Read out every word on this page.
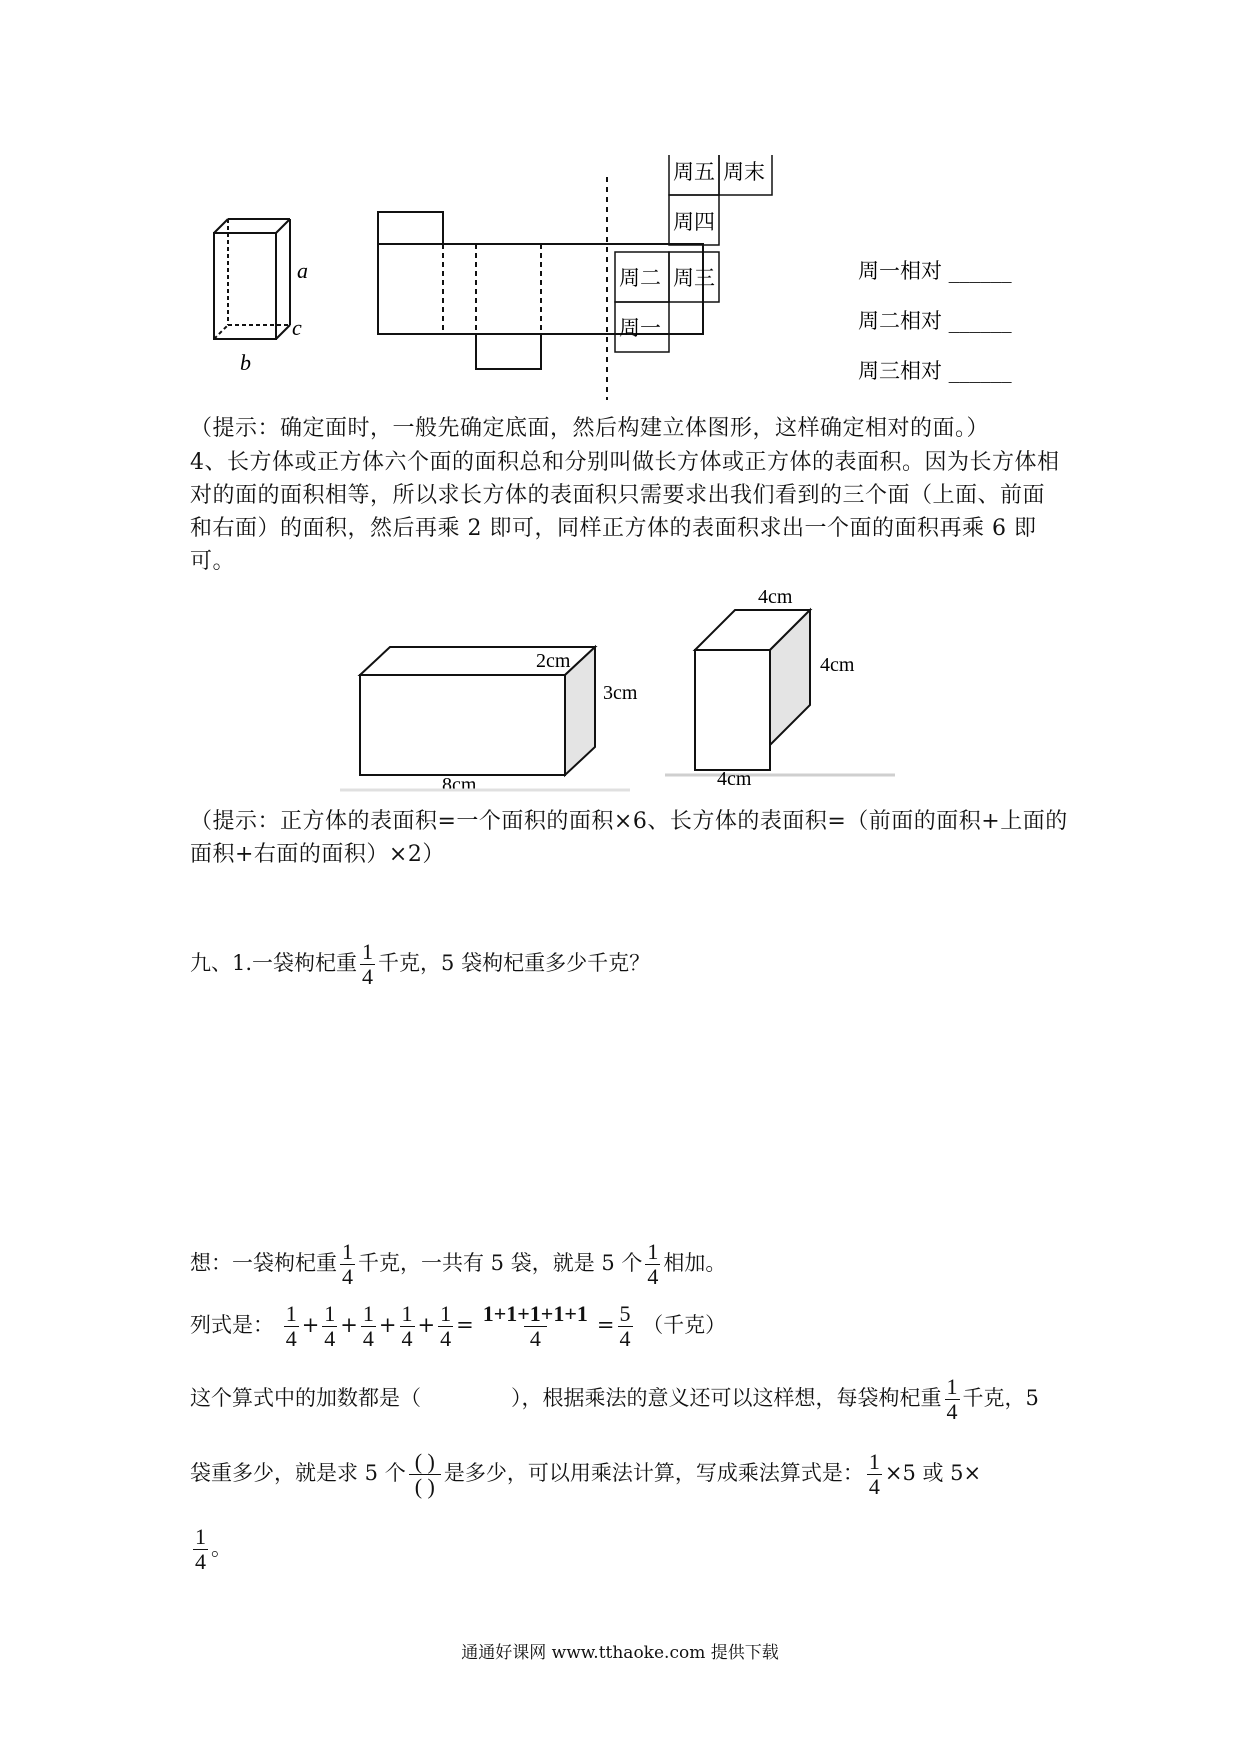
a
c
b
周五 周末
周四
周二 周三
周一
周一相对 ______
周二相对 ______
周三相对 ______
（提示：确定面时，一般先确定底面，然后构建立体图形，这样确定相对的面。）
4、长方体或正方体六个面的面积总和分别叫做长方体或正方体的表面积。因为长方体相对的面的面积相等，所以求长方体的表面积只需要求出我们看到的三个面（上面、前面和右面）的面积，然后再乘 2 即可，同样正方体的表面积求出一个面的面积再乘 6 即可。
2cm
3cm
8cm
4cm
4cm
4cm
（提示：正方体的表面积=一个面积的面积×6、长方体的表面积=（前面的面积+上面的面积+右面的面积）×2）
九、1.一袋枸杞重 $\frac{1}{4}$ 千克，5 袋枸杞重多少千克？
想：一袋枸杞重 $\frac{1}{4}$ 千克，一共有 5 袋，就是 5 个 $\frac{1}{4}$ 相加。
列式是： $\frac{1}{4} + \frac{1}{4} + \frac{1}{4} + \frac{1}{4} + \frac{1}{4} = \frac{1+1+1+1+1}{4} = \frac{5}{4}$ （千克）
这个算式中的加数都是（	），根据乘法的意义还可以这样想，每袋枸杞重 $\frac{1}{4}$ 千克，5
袋重多少，就是求 5 个 $\frac{( )}{( )}$ 是多少，可以用乘法计算，写成乘法算式是： $\frac{1}{4} \times 5$ 或 5×
$\frac{1}{4}$ 。
通通好课网 www.tthaoke.com 提供下载
